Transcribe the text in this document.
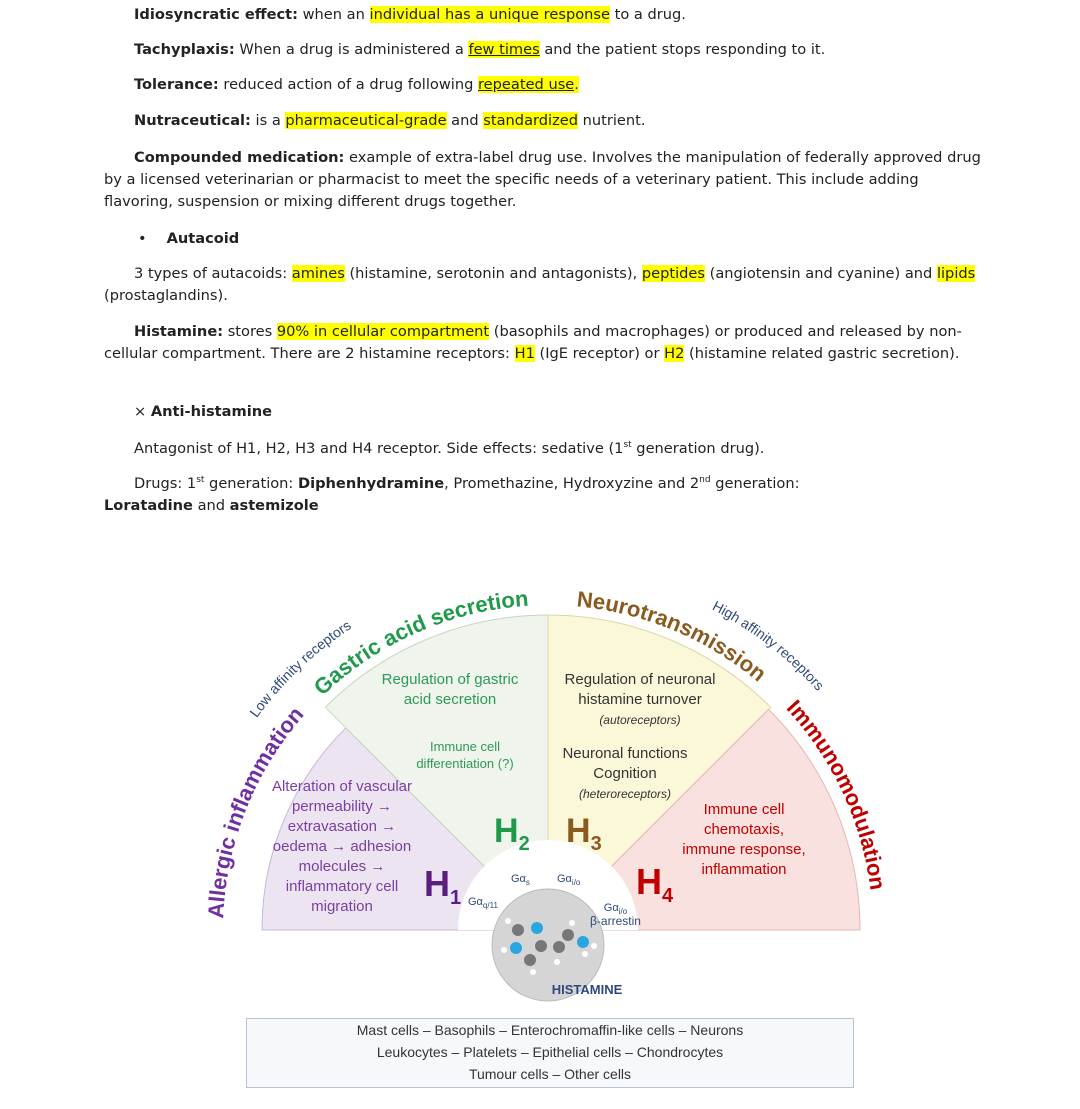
Idiosyncratic effect: when an individual has a unique response to a drug.
Tachyplaxis: When a drug is administered a few times and the patient stops responding to it.
Tolerance: reduced action of a drug following repeated use.
Nutraceutical: is a pharmaceutical-grade and standardized nutrient.
Compounded medication: example of extra-label drug use. Involves the manipulation of federally approved drug by a licensed veterinarian or pharmacist to meet the specific needs of a veterinary patient. This include adding flavoring, suspension or mixing different drugs together.
• Autacoid
3 types of autacoids: amines (histamine, serotonin and antagonists), peptides (angiotensin and cyanine) and lipids (prostaglandins).
Histamine: stores 90% in cellular compartment (basophils and macrophages) or produced and released by non-cellular compartment. There are 2 histamine receptors: H1 (IgE receptor) or H2 (histamine related gastric secretion).
× Anti-histamine
Antagonist of H1, H2, H3 and H4 receptor. Side effects: sedative (1st generation drug).
Drugs: 1st generation: Diphenhydramine, Promethazine, Hydroxyzine and 2nd generation:
Loratadine and astemizole
HISTAMINE
Allergic inflammation
Gastric acid secretion Neurotransmission
Immunomodulation
Low affinity receptors
High affinity receptors
Alteration of vascular permeability → extravasation → oedema → adhesion molecules → inflammatory cell migration
$H_1$
Regulation of gastric acid secretion
Immune cell differentiation (?)
$H_2$
Regulation of neuronal histamine turnover
(autoreceptors)
Neuronal functions Cognition
(heteroreceptors)
$H_3$
Immune cell chemotaxis, immune response, inflammation
$H_4$
$G\alpha_{q/11}$
$G\alpha_s$ $G\alpha_{i/o}$
$G\alpha_{i/o}$
β-arrestin
Mast cells – Basophils – Enterochromaffin-like cells – Neurons
Leukocytes – Platelets – Epithelial cells – Chondrocytes
Tumour cells – Other cells
